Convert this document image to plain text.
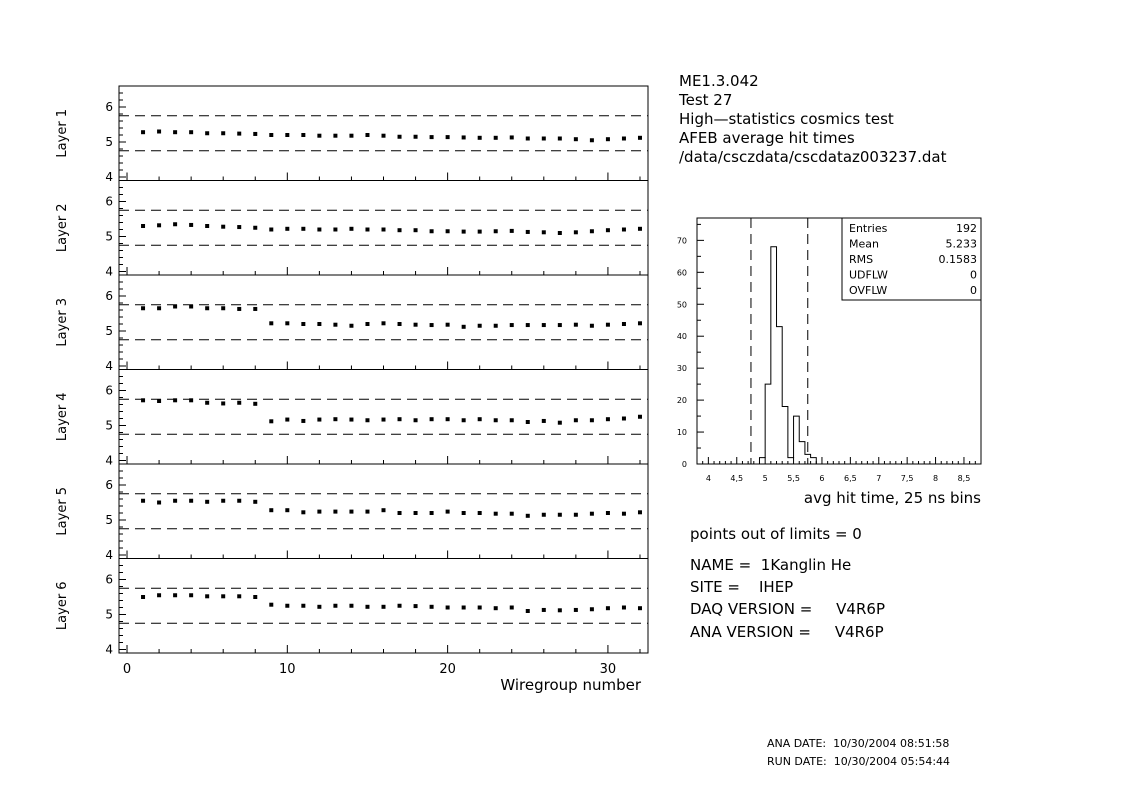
4
5
6
Layer 1
4
5
6
Layer 2
4
5
6
Layer 3
4
5
6
Layer 4
4
5
6
Layer 5
4
5
6
Layer 6
0	10	20	30
Wiregroup number
0
10
20
30
40
50
60
70
4 4,5 5 5,5 6 6,5 7 7,5 8 8,5
Entries	192
Mean	5.233
RMS	0.1583
UDFLW	0
OVFLW	0
avg hit time, 25 ns bins
ME1.3.042
Test 27
High—statistics cosmics test
AFEB average hit times
/data/csczdata/cscdataz003237.dat
points out of limits = 0
NAME =  1Kanglin He
SITE =    IHEP
DAQ VERSION =     V4R6P
ANA VERSION =     V4R6P
ANA DATE:  10/30/2004 08:51:58
RUN DATE:  10/30/2004 05:54:44
